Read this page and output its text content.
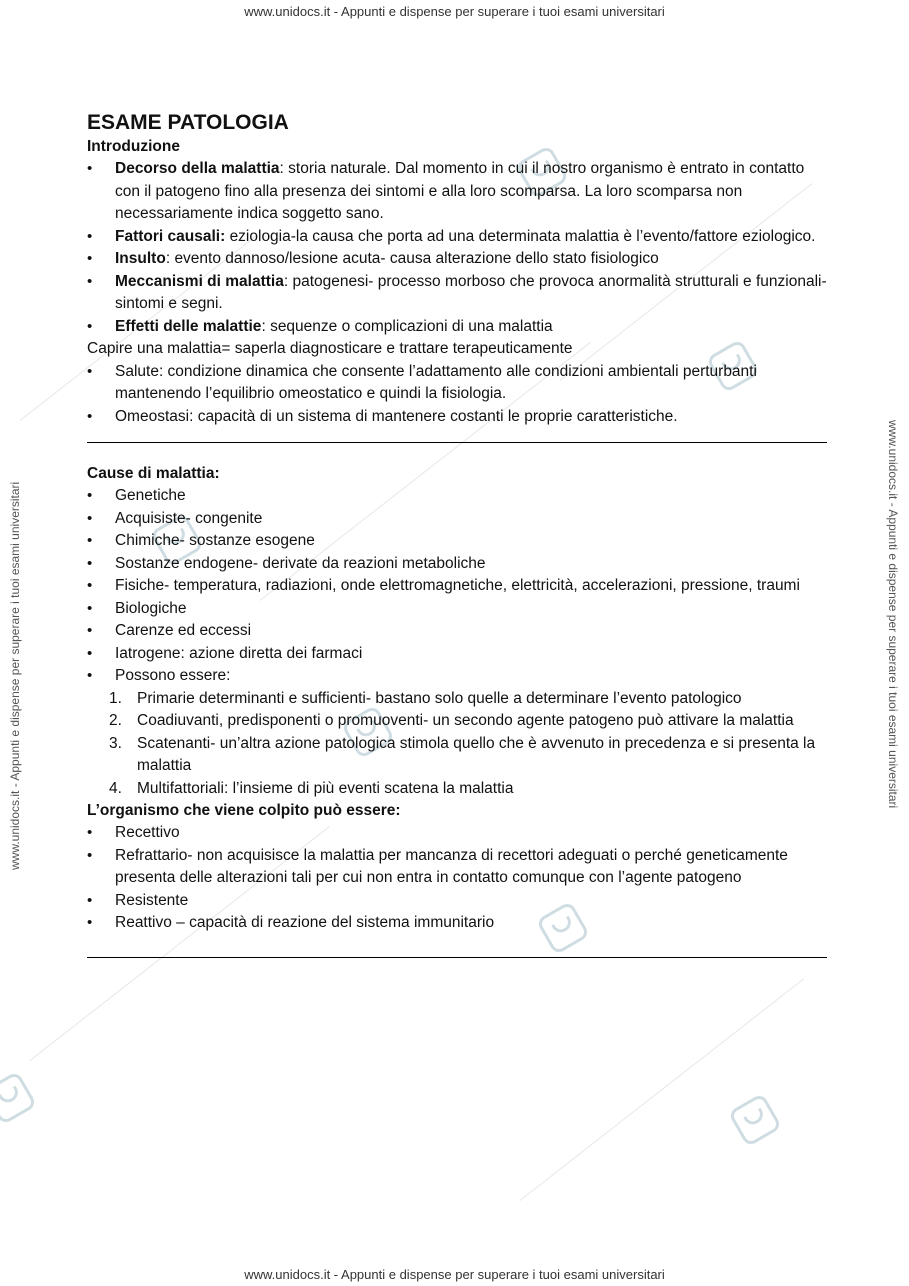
www.unidocs.it - Appunti e dispense per superare i tuoi esami universitari
www.unidocs.it - Appunti e dispense per superare i tuoi esami universitari
www.unidocs.it - Appunti e dispense per superare i tuoi esami universitari	www.unidocs.it - Appunti e dispense per superare i tuoi esami universitari
ESAME PATOLOGIA
Introduzione
• Decorso della malattia: storia naturale. Dal momento in cui il nostro organismo è entrato in contatto con il patogeno fino alla presenza dei sintomi e alla loro scomparsa. La loro scomparsa non necessariamente indica soggetto sano.
• Fattori causali: eziologia-la causa che porta ad una determinata malattia è l’evento/fattore eziologico.
• Insulto: evento dannoso/lesione acuta- causa alterazione dello stato fisiologico
• Meccanismi di malattia: patogenesi- processo morboso che provoca anormalità strutturali e funzionali- sintomi e segni.
• Effetti delle malattie: sequenze o complicazioni di una malattia
Capire una malattia= saperla diagnosticare e trattare terapeuticamente
• Salute: condizione dinamica che consente l’adattamento alle condizioni ambientali perturbanti mantenendo l’equilibrio omeostatico e quindi la fisiologia.
• Omeostasi: capacità di un sistema di mantenere costanti le proprie caratteristiche.
Cause di malattia:
• Genetiche
• Acquisiste- congenite
• Chimiche- sostanze esogene
• Sostanze endogene- derivate da reazioni metaboliche
• Fisiche- temperatura, radiazioni, onde elettromagnetiche, elettricità, accelerazioni, pressione, traumi
• Biologiche
• Carenze ed eccessi
• Iatrogene: azione diretta dei farmaci
• Possono essere:
1. Primarie determinanti e sufficienti- bastano solo quelle a determinare l’evento patologico
2. Coadiuvanti, predisponenti o promuoventi- un secondo agente patogeno può attivare la malattia
3. Scatenanti- un’altra azione patologica stimola quello che è avvenuto in precedenza e si presenta la malattia
4. Multifattoriali: l’insieme di più eventi scatena la malattia
L’organismo che viene colpito può essere:
• Recettivo
• Refrattario- non acquisisce la malattia per mancanza di recettori adeguati o perché geneticamente presenta delle alterazioni tali per cui non entra in contatto comunque con l’agente patogeno
• Resistente
• Reattivo – capacità di reazione del sistema immunitario
